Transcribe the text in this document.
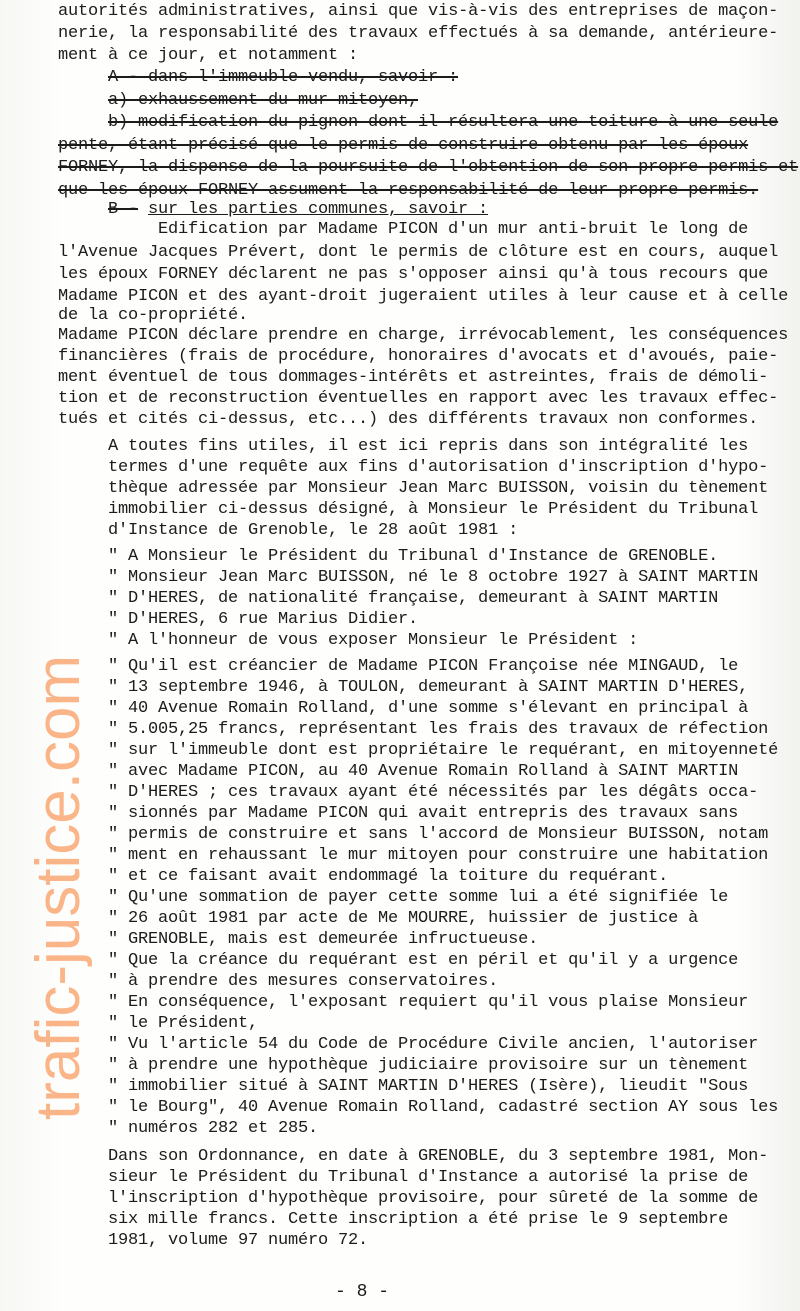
autorités administratives, ainsi que vis-à-vis des entreprises de maçon-
nerie, la responsabilité des travaux effectués à sa demande, antérieure-
ment à ce jour, et notamment :
A - dans l'immeuble vendu, savoir :
a) exhaussement du mur mitoyen,
b) modification du pignon dont il résultera une toiture à une seule
pente, étant précisé que le permis de construire obtenu par les époux
FORNEY, la dispense de la poursuite de l'obtention de son propre permis et
que les époux FORNEY assument la responsabilité de leur propre permis.
B - sur les parties communes, savoir :
Edification par Madame PICON d'un mur anti-bruit le long de
l'Avenue Jacques Prévert, dont le permis de clôture est en cours, auquel
les époux FORNEY déclarent ne pas s'opposer ainsi qu'à tous recours que
Madame PICON et des ayant-droit jugeraient utiles à leur cause et à celle
de la co-propriété.
Madame PICON déclare prendre en charge, irrévocablement, les conséquences
financières (frais de procédure, honoraires d'avocats et d'avoués, paie-
ment éventuel de tous dommages-intérêts et astreintes, frais de démoli-
tion et de reconstruction éventuelles en rapport avec les travaux effec-
tués et cités ci-dessus, etc...) des différents travaux non conformes.
A toutes fins utiles, il est ici repris dans son intégralité les
termes d'une requête aux fins d'autorisation d'inscription d'hypo-
thèque adressée par Monsieur Jean Marc BUISSON, voisin du tènement
immobilier ci-dessus désigné, à Monsieur le Président du Tribunal
d'Instance de Grenoble, le 28 août 1981 :
" A Monsieur le Président du Tribunal d'Instance de GRENOBLE.
" Monsieur Jean Marc BUISSON, né le 8 octobre 1927 à SAINT MARTIN
" D'HERES, de nationalité française, demeurant à SAINT MARTIN
" D'HERES, 6 rue Marius Didier.
" A l'honneur de vous exposer Monsieur le Président :
" Qu'il est créancier de Madame PICON Françoise née MINGAUD, le
" 13 septembre 1946, à TOULON, demeurant à SAINT MARTIN D'HERES,
" 40 Avenue Romain Rolland, d'une somme s'élevant en principal à
" 5.005,25 francs, représentant les frais des travaux de réfection
" sur l'immeuble dont est propriétaire le requérant, en mitoyenneté
" avec Madame PICON, au 40 Avenue Romain Rolland à SAINT MARTIN
" D'HERES ; ces travaux ayant été nécessités par les dégâts occa-
" sionnés par Madame PICON qui avait entrepris des travaux sans
" permis de construire et sans l'accord de Monsieur BUISSON, notam
" ment en rehaussant le mur mitoyen pour construire une habitation
" et ce faisant avait endommagé la toiture du requérant.
" Qu'une sommation de payer cette somme lui a été signifiée le
" 26 août 1981 par acte de Me MOURRE, huissier de justice à
" GRENOBLE, mais est demeurée infructueuse.
" Que la créance du requérant est en péril et qu'il y a urgence
" à prendre des mesures conservatoires.
" En conséquence, l'exposant requiert qu'il vous plaise Monsieur
" le Président,
" Vu l'article 54 du Code de Procédure Civile ancien, l'autoriser
" à prendre une hypothèque judiciaire provisoire sur un tènement
" immobilier situé à SAINT MARTIN D'HERES (Isère), lieudit "Sous
" le Bourg", 40 Avenue Romain Rolland, cadastré section AY sous les
" numéros 282 et 285.
Dans son Ordonnance, en date à GRENOBLE, du 3 septembre 1981, Mon-
sieur le Président du Tribunal d'Instance a autorisé la prise de
l'inscription d'hypothèque provisoire, pour sûreté de la somme de
six mille francs. Cette inscription a été prise le 9 septembre
1981, volume 97 numéro 72.
trafic-justice.com
- 8 -
